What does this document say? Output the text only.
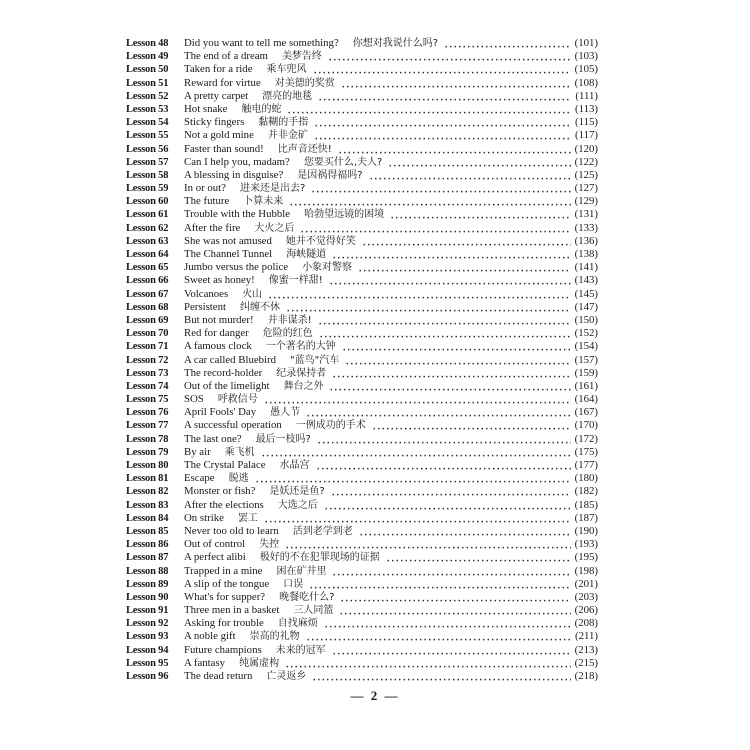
Lesson 48 Did you want to tell me something? 你想对我说什么吗?	(101)
Lesson 49 The end of a dream 美梦告终	(103)
Lesson 50 Taken for a ride 乘车兜风	(105)
Lesson 51 Reward for virtue 对美德的奖赏	(108)
Lesson 52 A pretty carpet 漂亮的地毯	(111)
Lesson 53 Hot snake 触电的蛇	(113)
Lesson 54 Sticky fingers 黏糊的手指	(115)
Lesson 55 Not a gold mine 并非金矿	(117)
Lesson 56 Faster than sound! 比声音还快!	(120)
Lesson 57 Can I help you, madam? 您要买什么,夫人?	(122)
Lesson 58 A blessing in disguise? 是因祸得福吗?	(125)
Lesson 59 In or out? 进来还是出去?	(127)
Lesson 60 The future 卜算未来	(129)
Lesson 61 Trouble with the Hubble 哈勃望远镜的困境	(131)
Lesson 62 After the fire 大火之后	(133)
Lesson 63 She was not amused 她并不觉得好笑	(136)
Lesson 64 The Channel Tunnel 海峡隧道	(138)
Lesson 65 Jumbo versus the police 小象对警察	(141)
Lesson 66 Sweet as honey! 像蜜一样甜!	(143)
Lesson 67 Volcanoes 火山	(145)
Lesson 68 Persistent 纠缠不休	(147)
Lesson 69 But not murder! 并非谋杀!	(150)
Lesson 70 Red for danger 危险的红色	(152)
Lesson 71 A famous clock 一个著名的大钟	(154)
Lesson 72 A car called Bluebird "蓝鸟"汽车	(157)
Lesson 73 The record-holder 纪录保持者	(159)
Lesson 74 Out of the limelight 舞台之外	(161)
Lesson 75 SOS 呼救信号	(164)
Lesson 76 April Fools' Day 愚人节	(167)
Lesson 77 A successful operation 一例成功的手术	(170)
Lesson 78 The last one? 最后一枝吗?	(172)
Lesson 79 By air 乘飞机	(175)
Lesson 80 The Crystal Palace 水晶宫	(177)
Lesson 81 Escape 脱逃	(180)
Lesson 82 Monster or fish? 是妖还是鱼?	(182)
Lesson 83 After the elections 大选之后	(185)
Lesson 84 On strike 罢工	(187)
Lesson 85 Never too old to learn 活到老学到老	(190)
Lesson 86 Out of control 失控	(193)
Lesson 87 A perfect alibi 极好的不在犯罪现场的证据	(195)
Lesson 88 Trapped in a mine 困在矿井里	(198)
Lesson 89 A slip of the tongue 口误	(201)
Lesson 90 What's for supper? 晚餐吃什么?	(203)
Lesson 91 Three men in a basket 三人同篮	(206)
Lesson 92 Asking for trouble 自找麻烦	(208)
Lesson 93 A noble gift 崇高的礼物	(211)
Lesson 94 Future champions 未来的冠军	(213)
Lesson 95 A fantasy 纯属虚构	(215)
Lesson 96 The dead return 亡灵返乡	(218)
— 2 —
